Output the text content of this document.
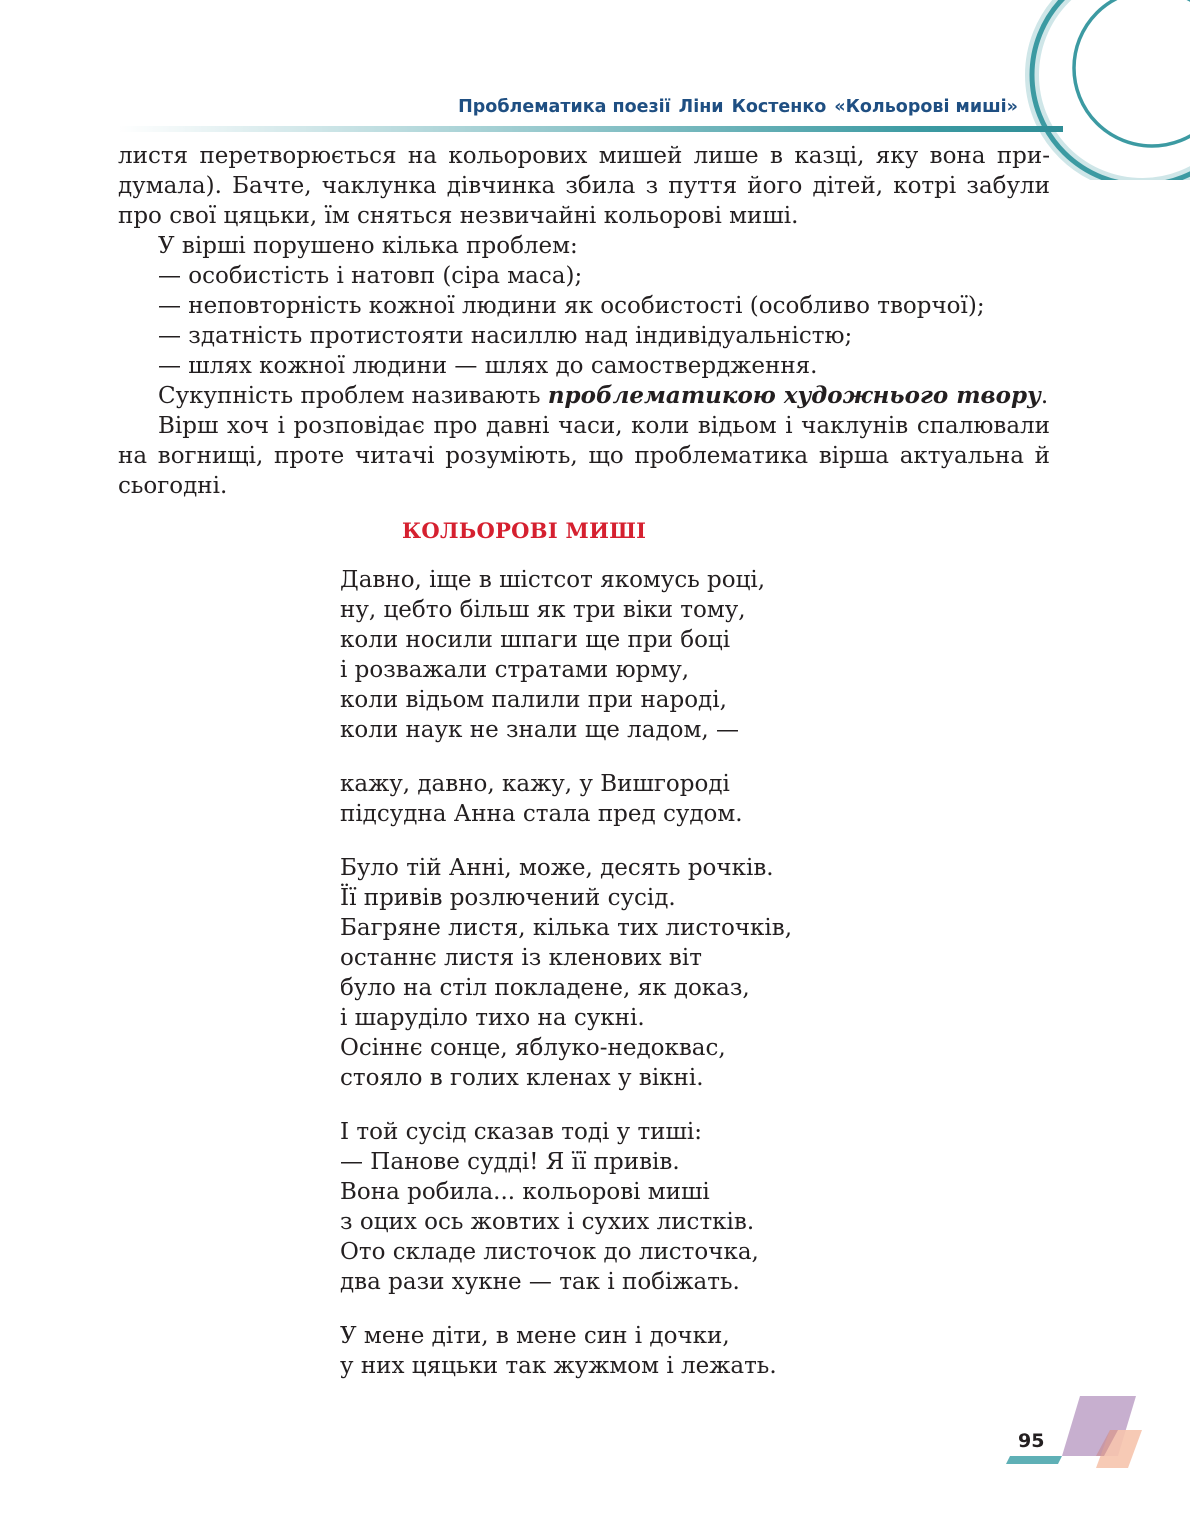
Проблематика поезії Ліни Костенко «Кольорові миші»

листя перетворюється на кольорових мишей лише в казці, яку вона при-

думала). Бачте, чаклунка дівчинка збила з пуття його дітей, котрі забули

про свої цяцьки, їм сняться незвичайні кольорові миші.

У вірші порушено кілька проблем:

— особистість і натовп (сіра маса);

— неповторність кожної людини як особистості (особливо творчої);

— здатність протистояти насиллю над індивідуальністю;

— шлях кожної людини — шлях до самоствердження.

Сукупність проблем називають проблематикою художнього твору.

Вірш хоч і розповідає про давні часи, коли відьом і чаклунів спалювали

на вогнищі, проте читачі розуміють, що проблематика вірша актуальна й

сьогодні.

КОЛЬОРОВІ МИШІ
Давно, іще в шістсот якомусь році,
ну, цебто більш як три віки тому,
коли носили шпаги ще при боці
і розважали стратами юрму,
коли відьом палили при народі,
коли наук не знали ще ладом, —
кажу, давно, кажу, у Вишгороді
підсудна Анна стала пред судом.
Було тій Анні, може, десять рочків.
Її привів розлючений сусід.
Багряне листя, кілька тих листочків,
останнє листя із кленових віт
було на стіл покладене, як доказ,
і шаруділо тихо на сукні.
Осіннє сонце, яблуко-недоквас,
стояло в голих кленах у вікні.
І той сусід сказав тоді у тиші:
— Панове судді! Я її привів.
Вона робила... кольорові миші
з оцих ось жовтих і сухих листків.
Ото складе листочок до листочка,
два рази хукне — так і побіжать.
У мене діти, в мене син і дочки,
у них цяцьки так жужмом і лежать.
95
